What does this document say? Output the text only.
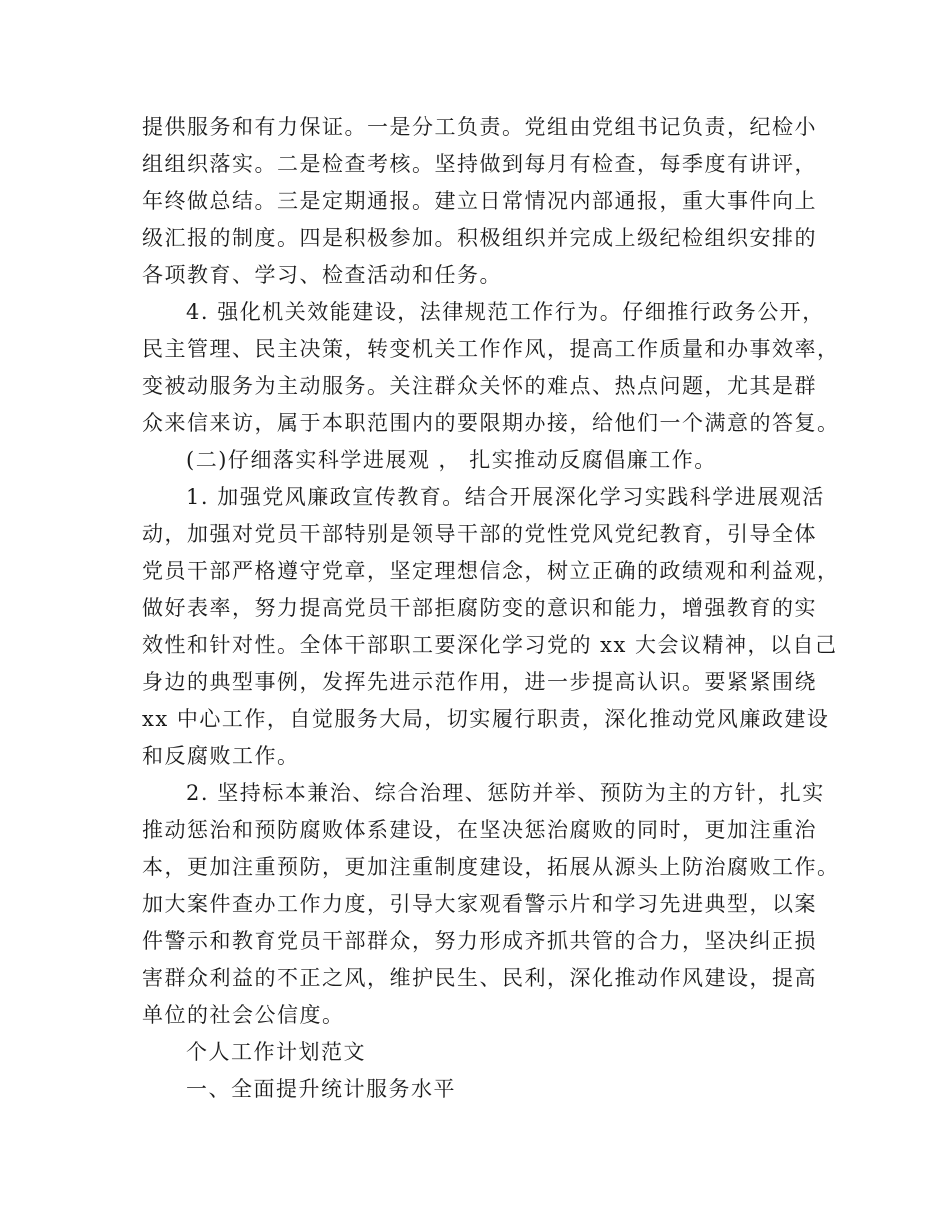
提供服务和有力保证。一是分工负责。党组由党组书记负责，纪检小
组组织落实。二是检查考核。坚持做到每月有检查，每季度有讲评，
年终做总结。三是定期通报。建立日常情况内部通报，重大事件向上
级汇报的制度。四是积极参加。积极组织并完成上级纪检组织安排的
各项教育、学习、检查活动和任务。
4. 强化机关效能建设，法律规范工作行为。仔细推行政务公开，
民主管理、民主决策，转变机关工作作风，提高工作质量和办事效率，
变被动服务为主动服务。关注群众关怀的难点、热点问题，尤其是群
众来信来访，属于本职范围内的要限期办接，给他们一个满意的答复。
(二)仔细落实科学进展观 ， 扎实推动反腐倡廉工作。
1. 加强党风廉政宣传教育。结合开展深化学习实践科学进展观活
动，加强对党员干部特别是领导干部的党性党风党纪教育，引导全体
党员干部严格遵守党章，坚定理想信念，树立正确的政绩观和利益观，
做好表率，努力提高党员干部拒腐防变的意识和能力，增强教育的实
效性和针对性。全体干部职工要深化学习党的 xx 大会议精神，以自己
身边的典型事例，发挥先进示范作用，进一步提高认识。要紧紧围绕
xx 中心工作，自觉服务大局，切实履行职责，深化推动党风廉政建设
和反腐败工作。
2. 坚持标本兼治、综合治理、惩防并举、预防为主的方针，扎实
推动惩治和预防腐败体系建设，在坚决惩治腐败的同时，更加注重治
本，更加注重预防，更加注重制度建设，拓展从源头上防治腐败工作。
加大案件查办工作力度，引导大家观看警示片和学习先进典型，以案
件警示和教育党员干部群众，努力形成齐抓共管的合力，坚决纠正损
害群众利益的不正之风，维护民生、民利，深化推动作风建设，提高
单位的社会公信度。
个人工作计划范文
一、全面提升统计服务水平
